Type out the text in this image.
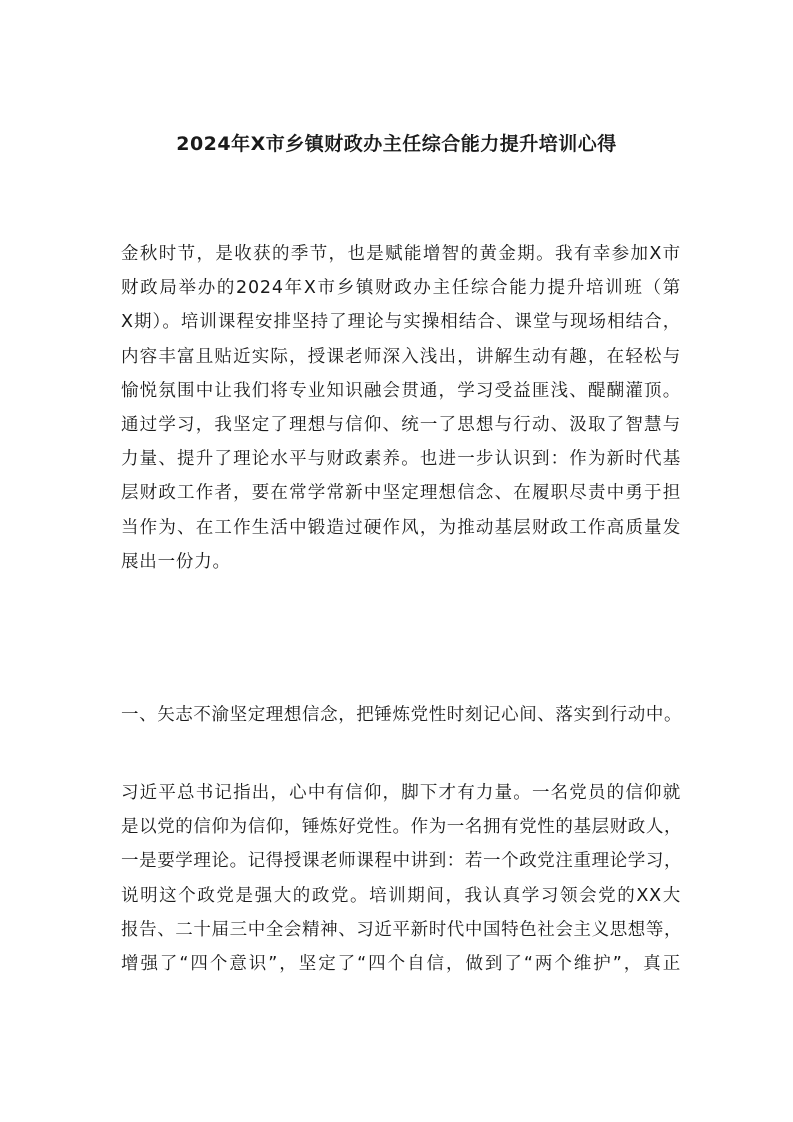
2024年X市乡镇财政办主任综合能力提升培训心得
金秋时节，是收获的季节，也是赋能增智的黄金期。我有幸参加X市
财政局举办的2024年X市乡镇财政办主任综合能力提升培训班（第
X期）。培训课程安排坚持了理论与实操相结合、课堂与现场相结合，
内容丰富且贴近实际，授课老师深入浅出，讲解生动有趣，在轻松与
愉悦氛围中让我们将专业知识融会贯通，学习受益匪浅、醍醐灌顶。
通过学习，我坚定了理想与信仰、统一了思想与行动、汲取了智慧与
力量、提升了理论水平与财政素养。也进一步认识到：作为新时代基
层财政工作者，要在常学常新中坚定理想信念、在履职尽责中勇于担
当作为、在工作生活中锻造过硬作风，为推动基层财政工作高质量发
展出一份力。
一、矢志不渝坚定理想信念，把锤炼党性时刻记心间、落实到行动中。
习近平总书记指出，心中有信仰，脚下才有力量。一名党员的信仰就
是以党的信仰为信仰，锤炼好党性。作为一名拥有党性的基层财政人，
一是要学理论。记得授课老师课程中讲到：若一个政党注重理论学习，
说明这个政党是强大的政党。培训期间，我认真学习领会党的XX大
报告、二十届三中全会精神、习近平新时代中国特色社会主义思想等，
增强了“四个意识”，坚定了“四个自信，做到了“两个维护”，真正
